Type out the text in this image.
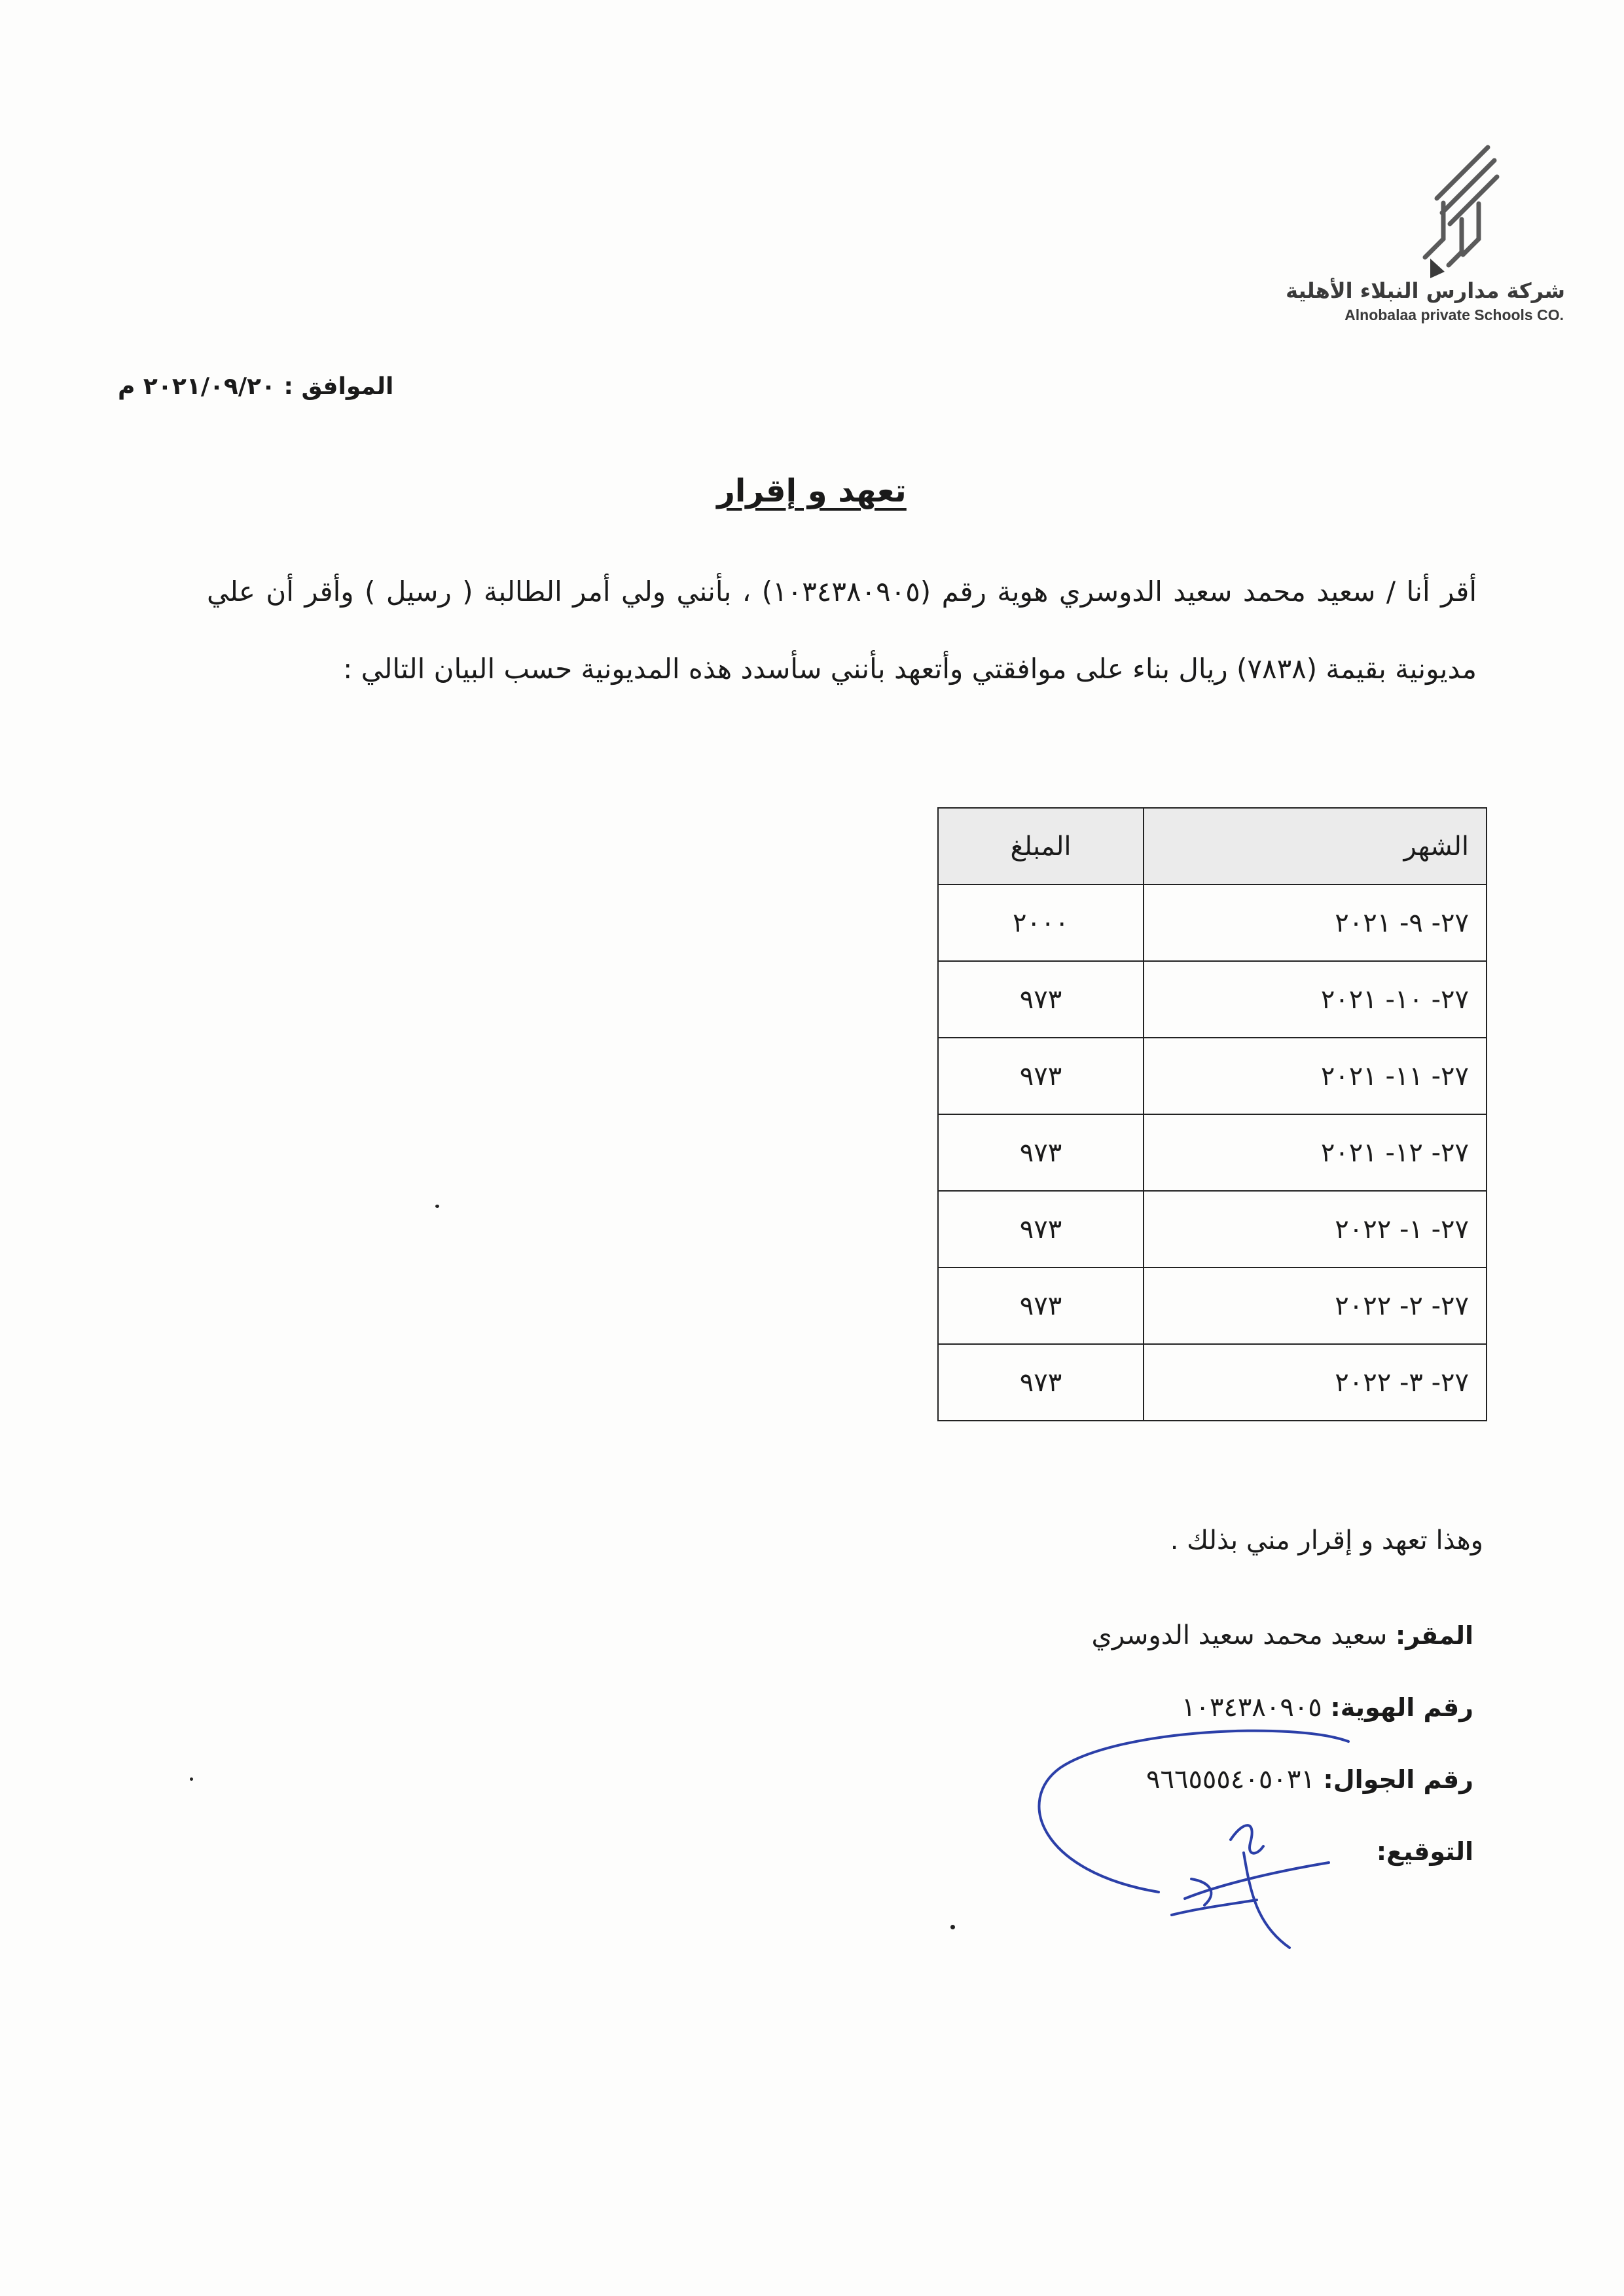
شركة مدارس النبلاء الأهلية
Alnobalaa private Schools CO.
الموافق : ٢٠٢١/٠٩/٢٠ م
تعهد و إقرار
أقر أنا / سعيد محمد سعيد الدوسري هوية رقم (١٠٣٤٣٨٠٩٠٥) ، بأنني ولي أمر الطالبة ( رسيل ) وأقر أن علي مديونية بقيمة (٧٨٣٨) ريال بناء على موافقتي وأتعهد بأنني سأسدد هذه المديونية حسب البيان التالي :
الشهر	المبلغ
٢٧- ٩- ٢٠٢١	٢٠٠٠
٢٧- ١٠- ٢٠٢١	٩٧٣
٢٧- ١١- ٢٠٢١	٩٧٣
٢٧- ١٢- ٢٠٢١	٩٧٣
٢٧- ١- ٢٠٢٢	٩٧٣
٢٧- ٢- ٢٠٢٢	٩٧٣
٢٧- ٣- ٢٠٢٢	٩٧٣
وهذا تعهد و إقرار مني بذلك .
المقر: سعيد محمد سعيد الدوسري
رقم الهوية: ١٠٣٤٣٨٠٩٠٥
رقم الجوال: ٩٦٦٥٥٥٤٠٥٠٣١
التوقيع:
